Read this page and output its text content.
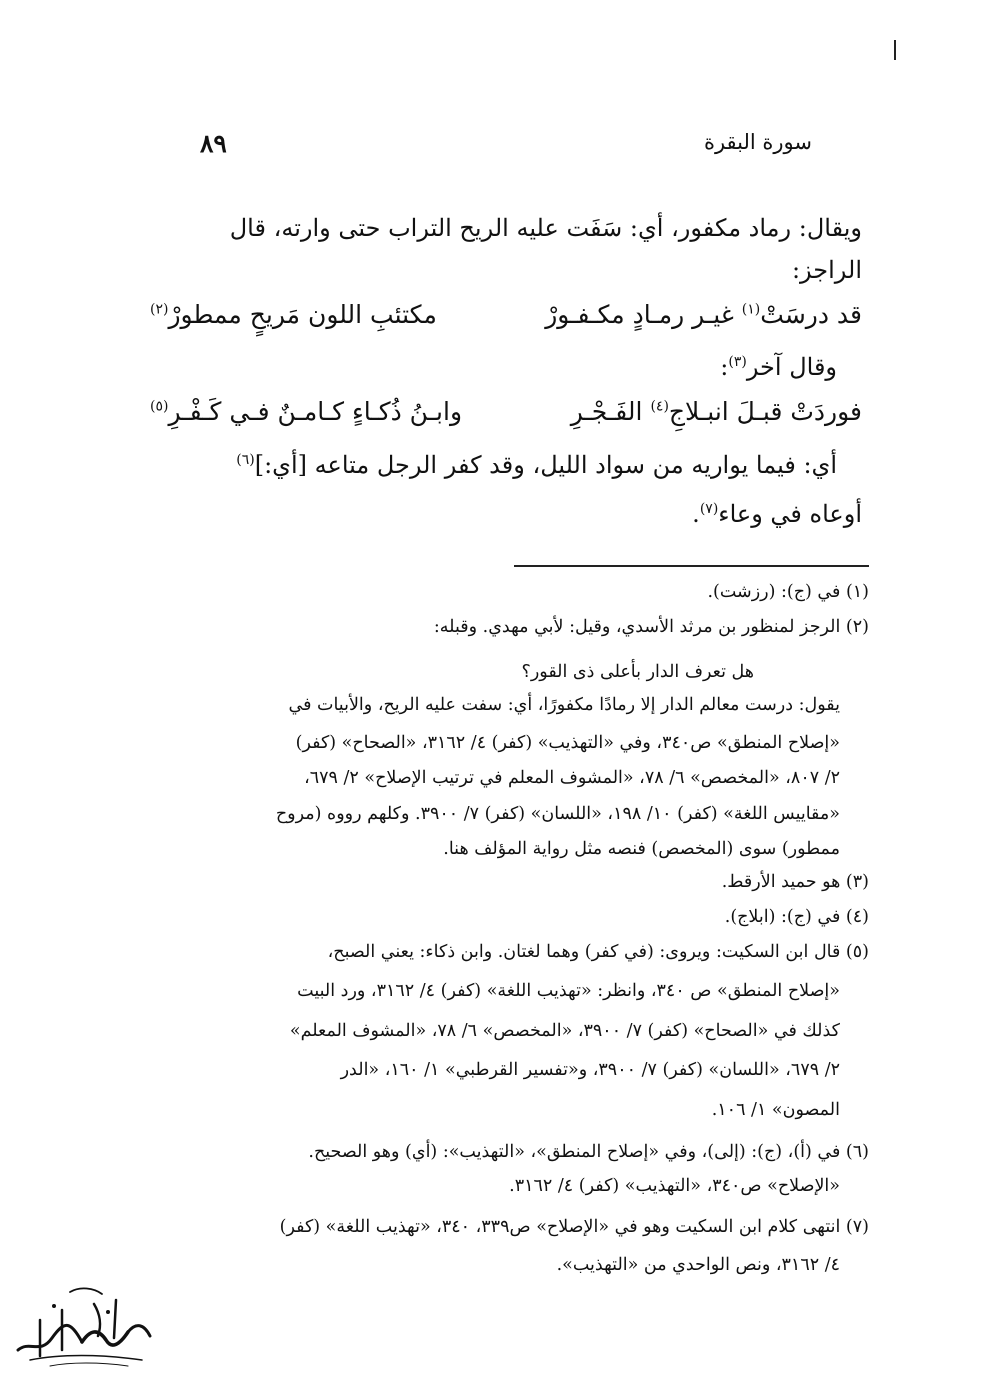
سورة البقرة
٨٩
ويقال: رماد مكفور، أي: سَفَت عليه الريح التراب حتى وارته، قال
الراجز:
قد درسَتْ$^{(١)}$ غيـر رمـادٍ مكـفـورْ
مكتئبِ اللون مَريحٍ ممطورْ$^{(٢)}$
وقال آخر$^{(٣)}$:
فوردَتْ قبـلَ انبـلاجِ$^{(٤)}$ الفَـجْـرِ
وابـنُ ذُكـاءٍ كـامـنٌ فـي كَـفْـرِ$^{(٥)}$
أي: فيما يواريه من سواد الليل، وقد كفر الرجل متاعه [أي:]$^{(٦)}$
أوعاه في وعاء$^{(٧)}$.
(١) في (ج): (رزشت).
(٢) الرجز لمنظور بن مرثد الأسدي، وقيل: لأبي مهدي. وقبله:
هل تعرف الدار بأعلى ذى القور؟
يقول: درست معالم الدار إلا رمادًا مكفورًا، أي: سفت عليه الريح، والأبيات في
«إصلاح المنطق» ص٣٤٠، وفي «التهذيب» (كفر) ٤/ ٣١٦٢، «الصحاح» (كفر)
٢/ ٨٠٧، «المخصص» ٦/ ٧٨، «المشوف المعلم في ترتيب الإصلاح» ٢/ ٦٧٩،
«مقاييس اللغة» (كفر) ١٠/ ١٩٨، «اللسان» (كفر) ٧/ ٣٩٠٠. وكلهم رووه (مروح
ممطور) سوى (المخصص) فنصه مثل رواية المؤلف هنا.
(٣) هو حميد الأرقط.
(٤) في (ج): (ابلاج).
(٥) قال ابن السكيت: ويروى: (في كفر) وهما لغتان. وابن ذكاء: يعني الصبح،
«إصلاح المنطق» ص ٣٤٠، وانظر: «تهذيب اللغة» (كفر) ٤/ ٣١٦٢، ورد البيت
كذلك في «الصحاح» (كفر) ٧/ ٣٩٠٠، «المخصص» ٦/ ٧٨، «المشوف المعلم»
٢/ ٦٧٩، «اللسان» (كفر) ٧/ ٣٩٠٠، و«تفسير القرطبي» ١/ ١٦٠، «الدر
المصون» ١/ ١٠٦.
(٦) في (أ)، (ج): (إلى)، وفي «إصلاح المنطق»، «التهذيب»: (أي) وهو الصحيح.
«الإصلاح» ص٣٤٠، «التهذيب» (كفر) ٤/ ٣١٦٢.
(٧) انتهى كلام ابن السكيت وهو في «الإصلاح» ص٣٣٩، ٣٤٠، «تهذيب اللغة» (كفر)
٤/ ٣١٦٢، ونص الواحدي من «التهذيب».
